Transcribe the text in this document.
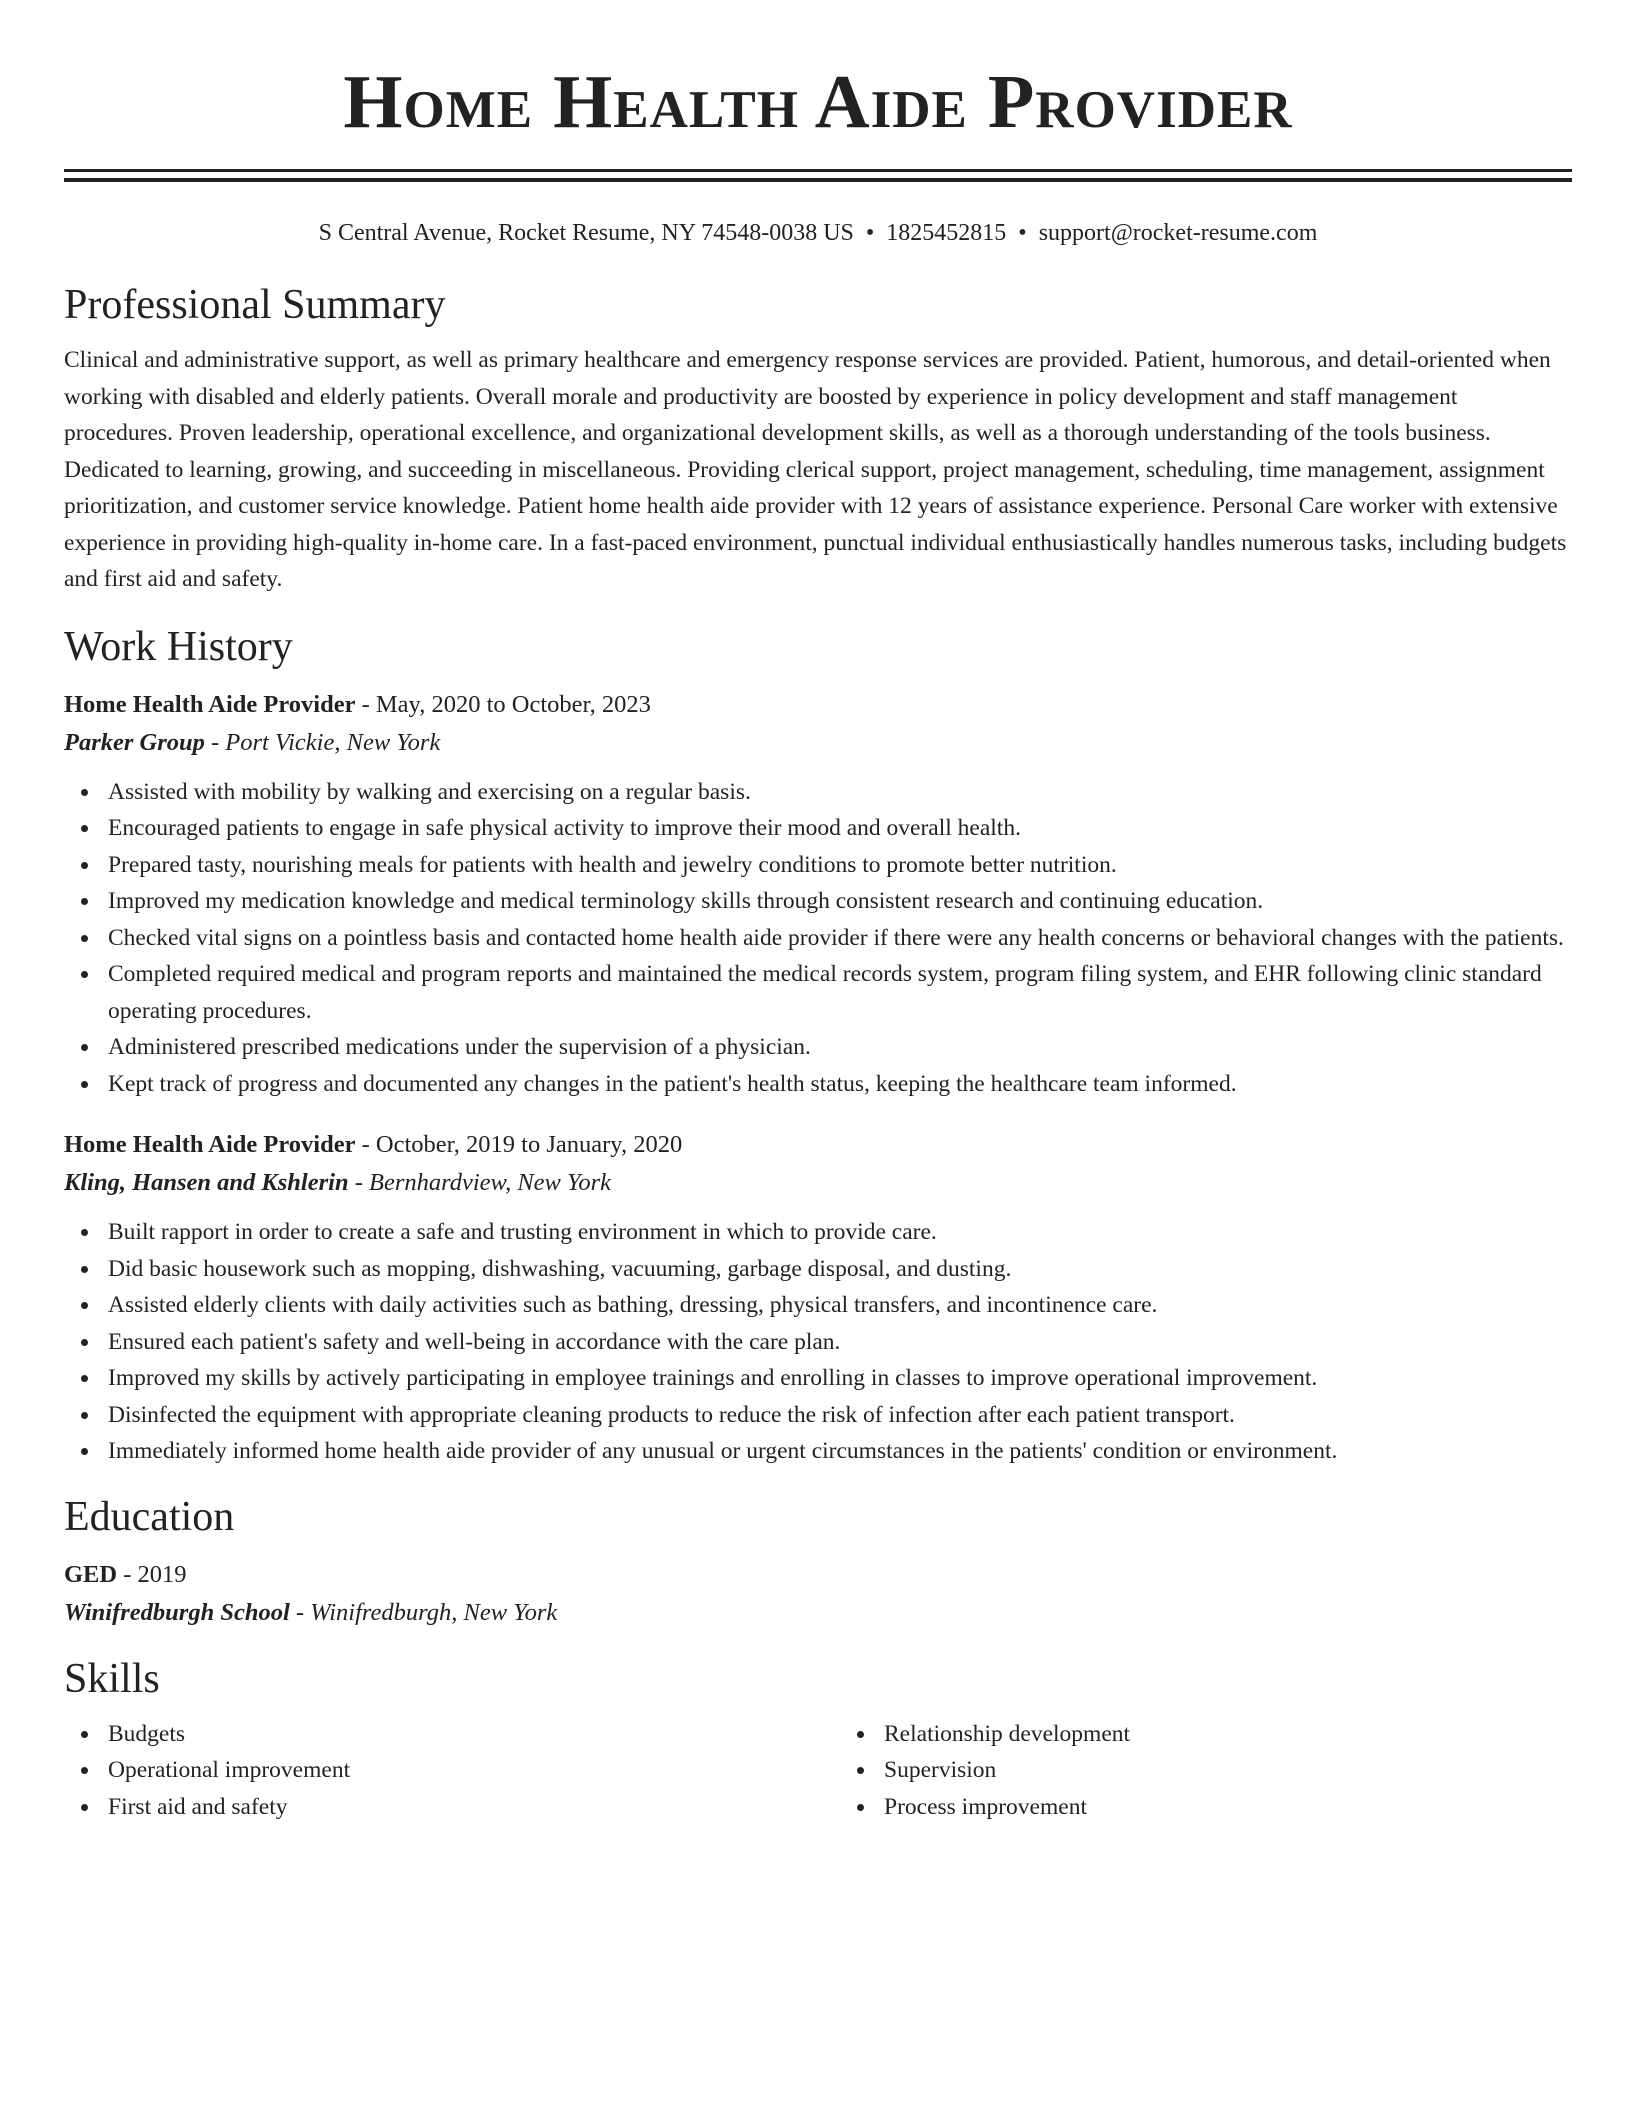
Home Health Aide Provider
S Central Avenue, Rocket Resume, NY 74548-0038 US • 1825452815 • support@rocket-resume.com
Professional Summary
Clinical and administrative support, as well as primary healthcare and emergency response services are provided. Patient, humorous, and detail-oriented when working with disabled and elderly patients. Overall morale and productivity are boosted by experience in policy development and staff management procedures. Proven leadership, operational excellence, and organizational development skills, as well as a thorough understanding of the tools business. Dedicated to learning, growing, and succeeding in miscellaneous. Providing clerical support, project management, scheduling, time management, assignment prioritization, and customer service knowledge. Patient home health aide provider with 12 years of assistance experience. Personal Care worker with extensive experience in providing high-quality in-home care. In a fast-paced environment, punctual individual enthusiastically handles numerous tasks, including budgets and first aid and safety.
Work History
Home Health Aide Provider - May, 2020 to October, 2023
Parker Group - Port Vickie, New York
Assisted with mobility by walking and exercising on a regular basis.
Encouraged patients to engage in safe physical activity to improve their mood and overall health.
Prepared tasty, nourishing meals for patients with health and jewelry conditions to promote better nutrition.
Improved my medication knowledge and medical terminology skills through consistent research and continuing education.
Checked vital signs on a pointless basis and contacted home health aide provider if there were any health concerns or behavioral changes with the patients.
Completed required medical and program reports and maintained the medical records system, program filing system, and EHR following clinic standard operating procedures.
Administered prescribed medications under the supervision of a physician.
Kept track of progress and documented any changes in the patient's health status, keeping the healthcare team informed.
Home Health Aide Provider - October, 2019 to January, 2020
Kling, Hansen and Kshlerin - Bernhardview, New York
Built rapport in order to create a safe and trusting environment in which to provide care.
Did basic housework such as mopping, dishwashing, vacuuming, garbage disposal, and dusting.
Assisted elderly clients with daily activities such as bathing, dressing, physical transfers, and incontinence care.
Ensured each patient's safety and well-being in accordance with the care plan.
Improved my skills by actively participating in employee trainings and enrolling in classes to improve operational improvement.
Disinfected the equipment with appropriate cleaning products to reduce the risk of infection after each patient transport.
Immediately informed home health aide provider of any unusual or urgent circumstances in the patients' condition or environment.
Education
GED - 2019
Winifredburgh School - Winifredburgh, New York
Skills
Budgets
Operational improvement
First aid and safety
Relationship development
Supervision
Process improvement
